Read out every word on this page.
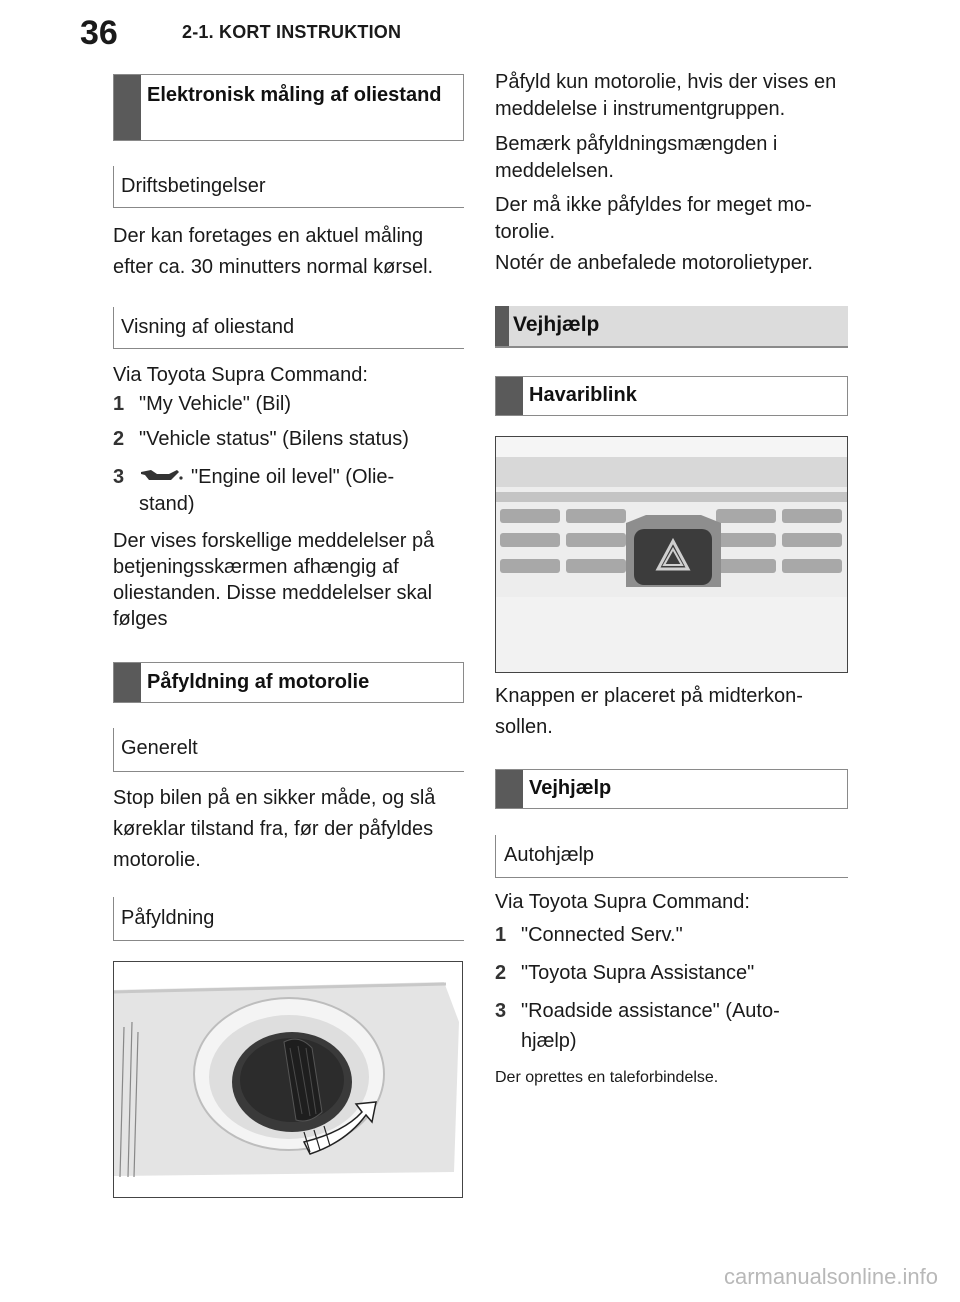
36	2-1. KORT INSTRUKTION
Elektronisk måling af oliestand
Driftsbetingelser
Der kan foretages en aktuel måling efter ca. 30 minutters normal kørsel.
Visning af oliestand
Via Toyota Supra Command:
1 "My Vehicle" (Bil)
2 "Vehicle status" (Bilens status)
3	"Engine oil level" (Olie-
stand)
Der vises forskellige meddelelser på betjeningsskærmen afhængig af oliestanden. Disse meddelelser skal følges
Påfyldning af motorolie
Generelt
Stop bilen på en sikker måde, og slå køreklar tilstand fra, før der påfyldes motorolie.
Påfyldning
Påfyld kun motorolie, hvis der vises en meddelelse i instrumentgruppen.
Bemærk påfyldningsmængden i meddelelsen.
Der må ikke påfyldes for meget mo-torolie.
Notér de anbefalede motorolietyper.
Vejhjælp
Havariblink
Knappen er placeret på midterkon-sollen.
Vejhjælp
Autohjælp
Via Toyota Supra Command:
1 "Connected Serv."
2 "Toyota Supra Assistance"
3 "Roadside assistance" (Auto-
hjælp)
Der oprettes en taleforbindelse.
carmanualsonline.info
